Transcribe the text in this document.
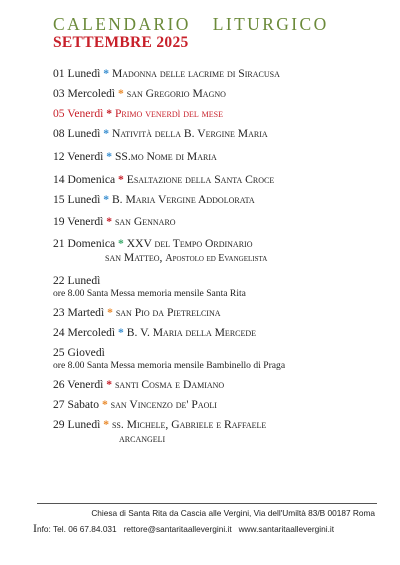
CALENDARIO LITURGICO
SETTEMBRE 2025
01 Lunedì * Madonna delle lacrime di Siracusa
03 Mercoledì * san Gregorio Magno
05 Venerdì * Primo venerdì del mese
08 Lunedì * Natività della B. Vergine Maria
12 Venerdì * SS.mo Nome di Maria
14 Domenica * Esaltazione della Santa Croce
15 Lunedì * B. Maria Vergine Addolorata
19 Venerdì * san Gennaro
21 Domenica * XXV del Tempo Ordinario
san Matteo, Apostolo ed Evangelista
22 Lunedì
ore 8.00 Santa Messa memoria mensile Santa Rita
23 Martedì * san Pio da Pietrelcina
24 Mercoledì * B. V. Maria della Mercede
25 Giovedì
ore 8.00 Santa Messa memoria mensile Bambinello di Praga
26 Venerdì * santi Cosma e Damiano
27 Sabato * san Vincenzo de' Paoli
29 Lunedì * ss. Michele, Gabriele e Raffaele
arcangeli
Chiesa di Santa Rita da Cascia alle Vergini, Via dell'Umiltà 83/B 00187 Roma
Info: Tel. 06 67.84.031 rettore@santaritaallevergini.it www.santaritaallevergini.it
